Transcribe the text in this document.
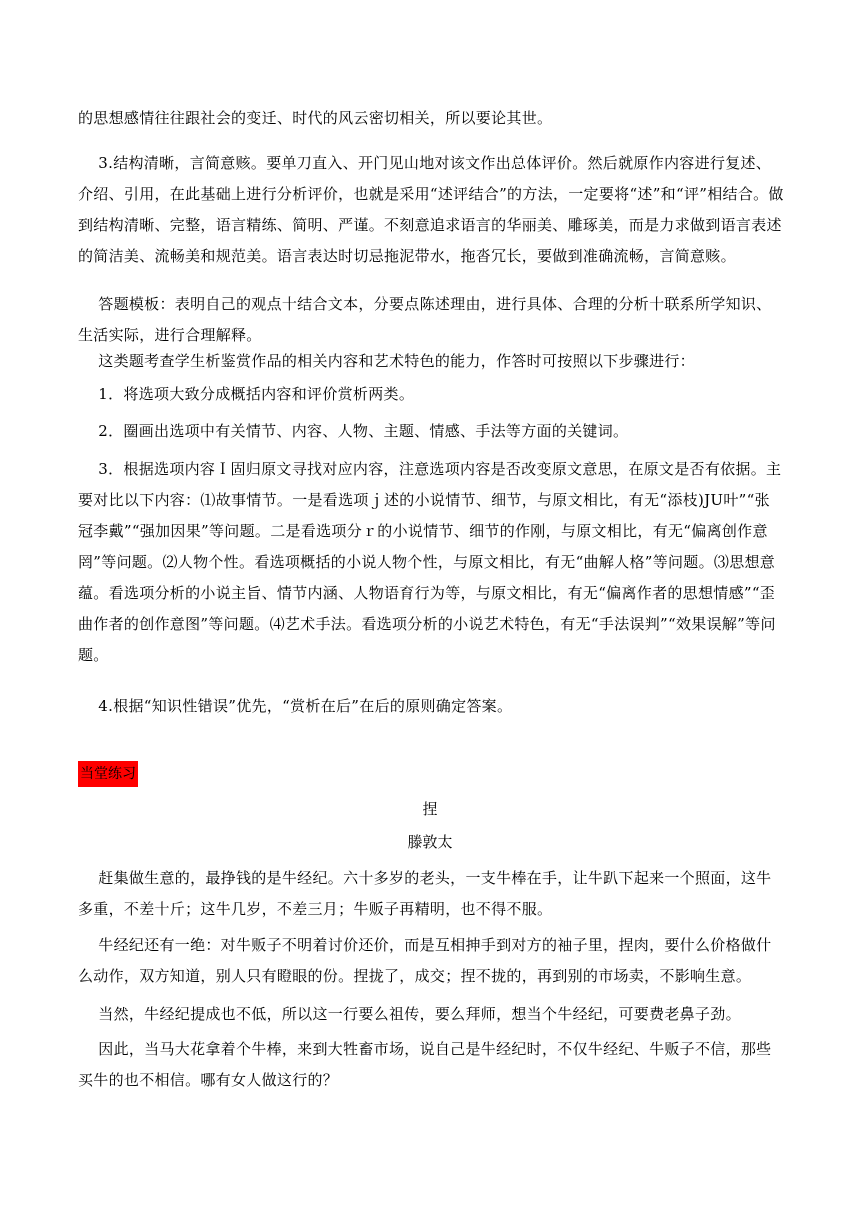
的思想感情往往跟社会的变迁、时代的风云密切相关，所以要论其世。
3.结构清晰，言简意赅。要单刀直入、开门见山地对该文作出总体评价。然后就原作内容进行复述、介绍、引用，在此基础上进行分析评价，也就是采用“述评结合”的方法，一定要将“述”和“评”相结合。做到结构清晰、完整，语言精练、简明、严谨。不刻意追求语言的华丽美、雕琢美，而是力求做到语言表述的简洁美、流畅美和规范美。语言表达时切忌拖泥带水，拖沓冗长，要做到准确流畅，言简意赅。
答题模板：表明自己的观点十结合文本，分要点陈述理由，进行具体、合理的分析十联系所学知识、生活实际，进行合理解释。
这类题考查学生析鉴赏作品的相关内容和艺术特色的能力，作答时可按照以下步骤进行：
1．将选项大致分成概括内容和评价赏析两类。
2．圈画出选项中有关情节、内容、人物、主题、情感、手法等方面的关键词。
3．根据选项内容Ｉ固归原文寻找对应内容，注意选项内容是否改变原文意思，在原文是否有依据。主要对比以下内容：⑴故事情节。一是看选项ｊ述的小说情节、细节，与原文相比，有无“添枝)JU叶”“张冠李戴”“强加因果”等问题。二是看选项分ｒ的小说情节、细节的作刚，与原文相比，有无“偏离创作意罔”等问题。⑵人物个性。看选项概括的小说人物个性，与原文相比，有无“曲解人格”等问题。⑶思想意蕴。看选项分析的小说主旨、情节内涵、人物语育行为等，与原文相比，有无“偏离作者的思想情感”“歪曲作者的创作意图”等问题。⑷艺术手法。看选项分析的小说艺术特色，有无“手法误判”“效果误解”等问题。
4.根据“知识性错误”优先，“赏析在后”在后的原则确定答案。
当堂练习
捏
滕敦太
赶集做生意的，最挣钱的是牛经纪。六十多岁的老头，一支牛棒在手，让牛趴下起来一个照面，这牛多重，不差十斤；这牛几岁，不差三月；牛贩子再精明，也不得不服。
牛经纪还有一绝：对牛贩子不明着讨价还价，而是互相抻手到对方的袖子里，捏肉，要什么价格做什么动作，双方知道，别人只有瞪眼的份。捏拢了，成交；捏不拢的，再到别的市场卖，不影响生意。
当然，牛经纪提成也不低，所以这一行要么祖传，要么拜师，想当个牛经纪，可要费老鼻子劲。
因此，当马大花拿着个牛棒，来到大牲畜市场，说自己是牛经纪时，不仅牛经纪、牛贩子不信，那些买牛的也不相信。哪有女人做这行的？
